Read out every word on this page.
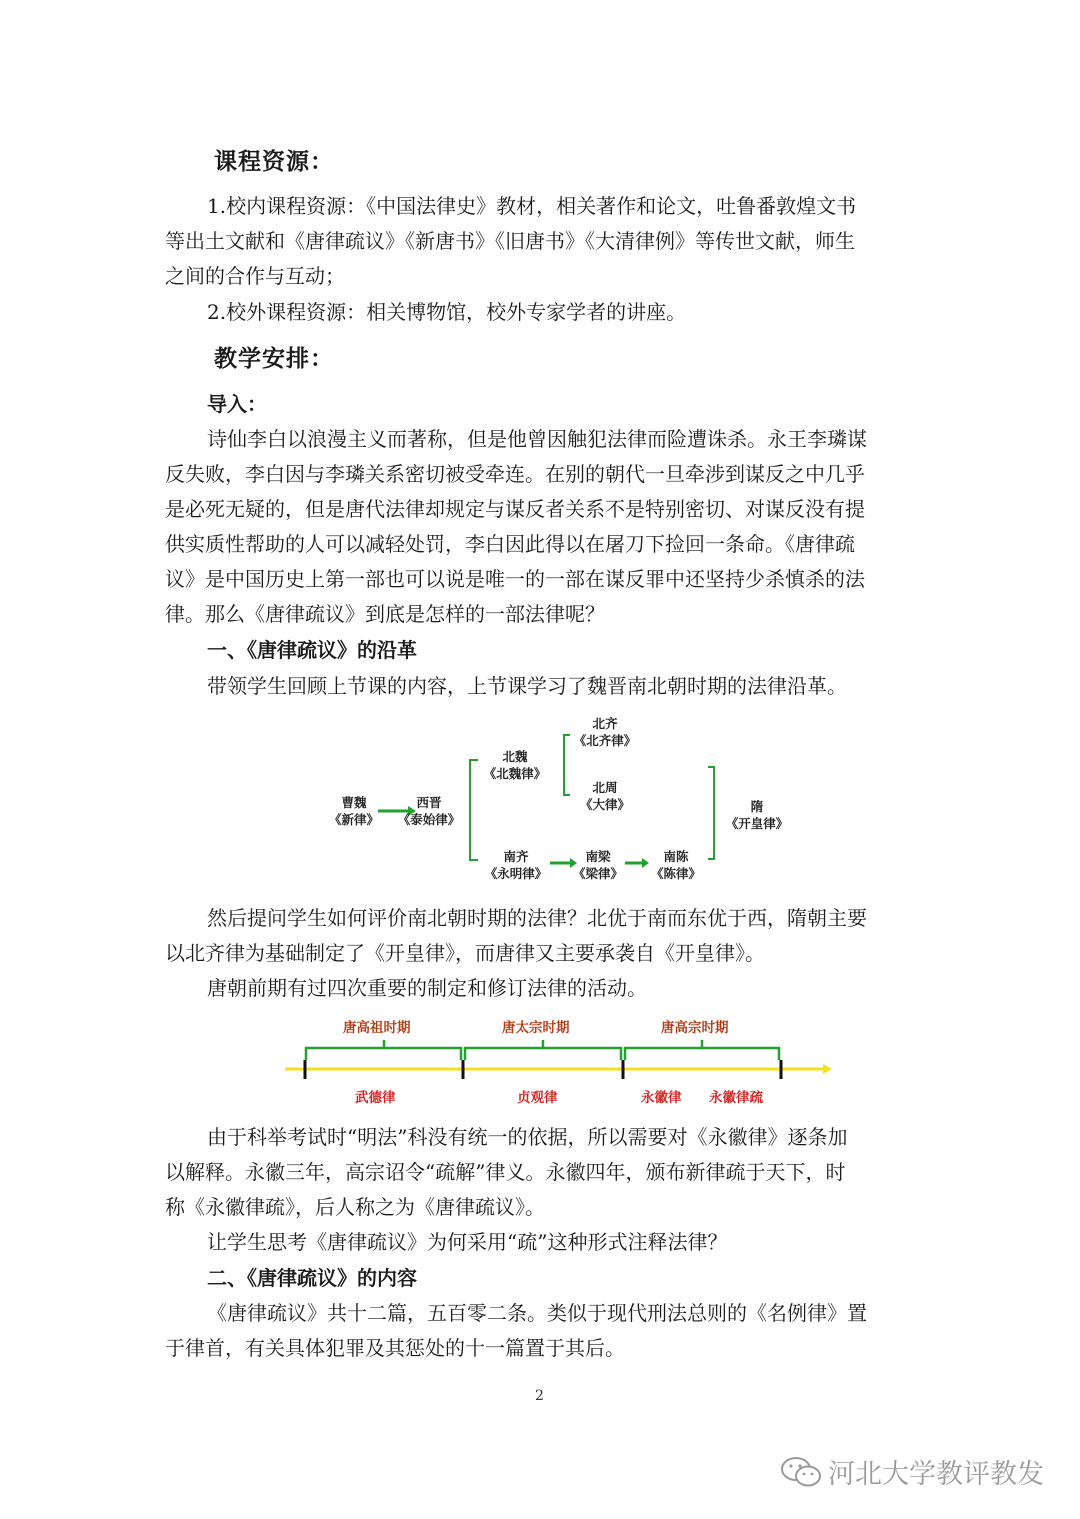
课程资源：
1.校内课程资源：《中国法律史》教材，相关著作和论文，吐鲁番敦煌文书
等出土文献和《唐律疏议》《新唐书》《旧唐书》《大清律例》等传世文献，师生
之间的合作与互动；
2.校外课程资源：相关博物馆，校外专家学者的讲座。
教学安排：
导入：
诗仙李白以浪漫主义而著称，但是他曾因触犯法律而险遭诛杀。永王李璘谋
反失败，李白因与李璘关系密切被受牵连。在别的朝代一旦牵涉到谋反之中几乎
是必死无疑的，但是唐代法律却规定与谋反者关系不是特别密切、对谋反没有提
供实质性帮助的人可以减轻处罚，李白因此得以在屠刀下捡回一条命。《唐律疏
议》是中国历史上第一部也可以说是唯一的一部在谋反罪中还坚持少杀慎杀的法
律。那么《唐律疏议》到底是怎样的一部法律呢？
一、《唐律疏议》的沿革
带领学生回顾上节课的内容，上节课学习了魏晋南北朝时期的法律沿革。
曹魏
《新律》
西晋
《泰始律》
北魏
《北魏律》
北齐
《北齐律》
北周
《大律》	隋
《开皇律》
南齐
《永明律》
南梁
《梁律》
南陈
《陈律》
然后提问学生如何评价南北朝时期的法律？北优于南而东优于西，隋朝主要
以北齐律为基础制定了《开皇律》，而唐律又主要承袭自《开皇律》。
唐朝前期有过四次重要的制定和修订法律的活动。
唐高祖时期	唐太宗时期	唐高宗时期
武德律	贞观律	永徽律 永徽律疏
由于科举考试时“明法”科没有统一的依据，所以需要对《永徽律》逐条加
以解释。永徽三年，高宗诏令“疏解”律义。永徽四年，颁布新律疏于天下，时
称《永徽律疏》，后人称之为《唐律疏议》。
让学生思考《唐律疏议》为何采用“疏”这种形式注释法律？
二、《唐律疏议》的内容
《唐律疏议》共十二篇，五百零二条。类似于现代刑法总则的《名例律》置
于律首，有关具体犯罪及其惩处的十一篇置于其后。
2
河北大学教评教发
